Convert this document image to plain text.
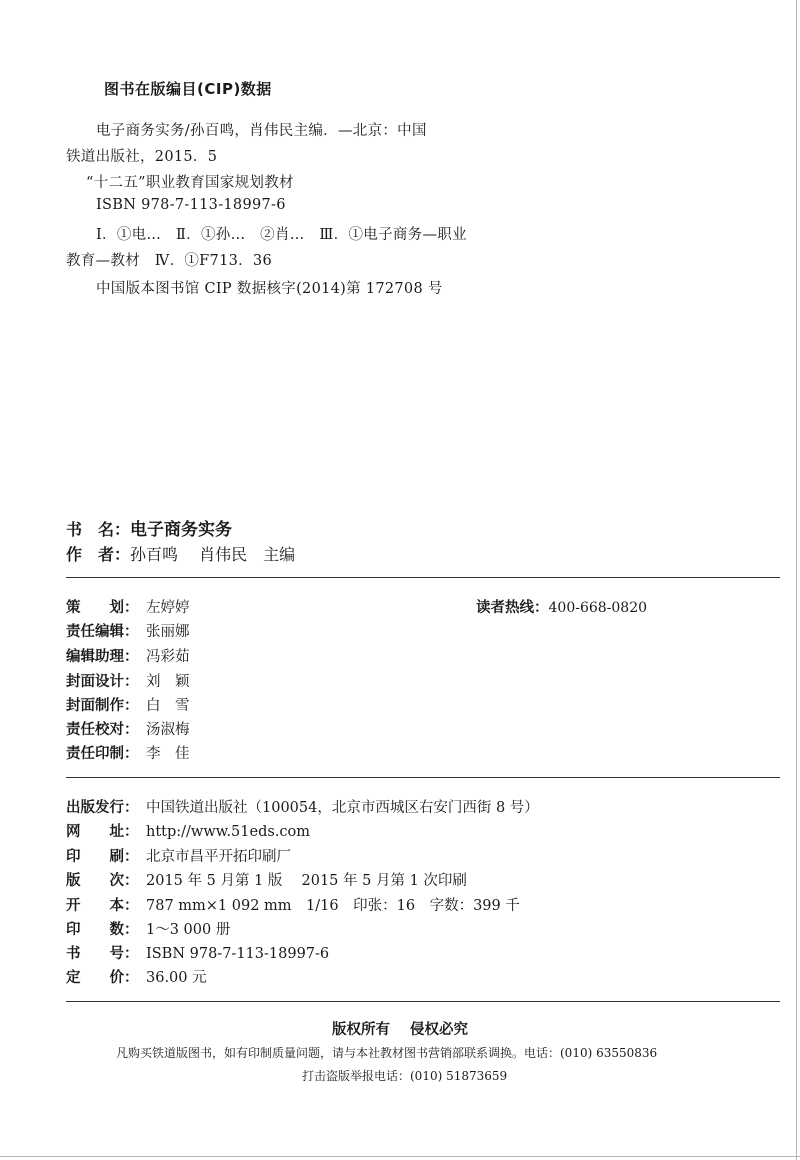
图书在版编目(CIP)数据
电子商务实务/孙百鸣，肖伟民主编．—北京：中国
铁道出版社，2015．5
“十二五”职业教育国家规划教材
ISBN 978-7-113-18997-6
Ⅰ．①电…　Ⅱ．①孙…　②肖…　Ⅲ．①电子商务—职业
教育—教材　Ⅳ．①F713．36
中国版本图书馆 CIP 数据核字(2014)第 172708 号
书　名：电子商务实务
作　者：孙百鸣　 肖伟民　主编
策　　划： 左婷婷
责任编辑： 张丽娜
编辑助理： 冯彩茹
封面设计： 刘　颖
封面制作： 白　雪
责任校对： 汤淑梅
责任印制： 李　佳
读者热线：400-668-0820
出版发行： 中国铁道出版社（100054，北京市西城区右安门西街 8 号）
网　　址： http://www.51eds.com
印　　刷： 北京市昌平开拓印刷厂
版　　次： 2015 年 5 月第 1 版　 2015 年 5 月第 1 次印刷
开　　本： 787 mm×1 092 mm　1/16　印张：16　字数：399 千
印　　数： 1～3 000 册
书　　号： ISBN 978-7-113-18997-6
定　　价： 36.00 元
版权所有 侵权必究
凡购买铁道版图书，如有印制质量问题，请与本社教材图书营销部联系调换。电话：(010) 63550836
打击盗版举报电话：(010) 51873659
